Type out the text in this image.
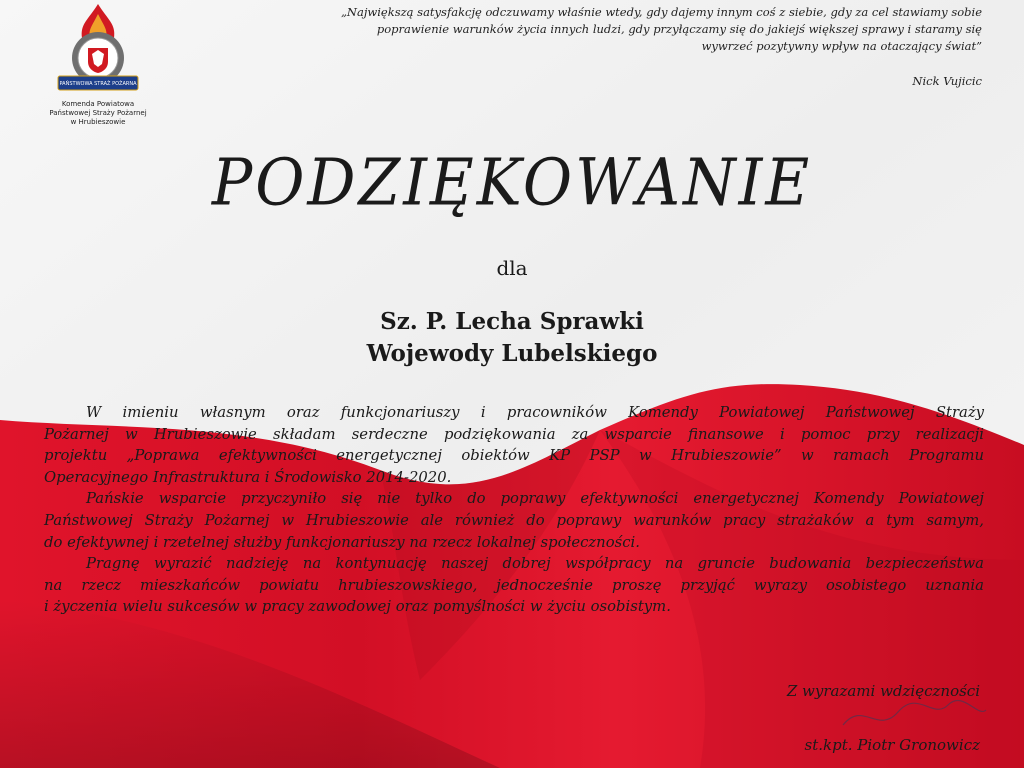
PAŃSTWOWA STRAŻ POŻARNA
Komenda Powiatowa
Państwowej Straży Pożarnej
w Hrubieszowie
„Największą satysfakcję odczuwamy właśnie wtedy, gdy dajemy innym coś z siebie, gdy za cel stawiamy sobie
poprawienie warunków życia innych ludzi, gdy przyłączamy się do jakiejś większej sprawy i staramy się
wywrzeć pozytywny wpływ na otaczający świat”
Nick Vujicic
PODZIĘKOWANIE
dla
Sz. P. Lecha Sprawki
Wojewody Lubelskiego
W imieniu własnym oraz funkcjonariuszy i pracowników Komendy Powiatowej Państwowej Straży
Pożarnej w Hrubieszowie składam serdeczne podziękowania za wsparcie finansowe i pomoc przy realizacji
projektu „Poprawa efektywności energetycznej obiektów KP PSP w Hrubieszowie” w ramach Programu
Operacyjnego Infrastruktura i Środowisko 2014-2020.
Pańskie wsparcie przyczyniło się nie tylko do poprawy efektywności energetycznej Komendy Powiatowej
Państwowej Straży Pożarnej w Hrubieszowie ale również do poprawy warunków pracy strażaków a tym samym,
do efektywnej i rzetelnej służby funkcjonariuszy na rzecz lokalnej społeczności.
Pragnę wyrazić nadzieję na kontynuację naszej dobrej współpracy na gruncie budowania bezpieczeństwa
na rzecz mieszkańców powiatu hrubieszowskiego, jednocześnie proszę przyjąć wyrazy osobistego uznania
i życzenia wielu sukcesów w pracy zawodowej oraz pomyślności w życiu osobistym.
Z wyrazami wdzięczności
st.kpt. Piotr Gronowicz
